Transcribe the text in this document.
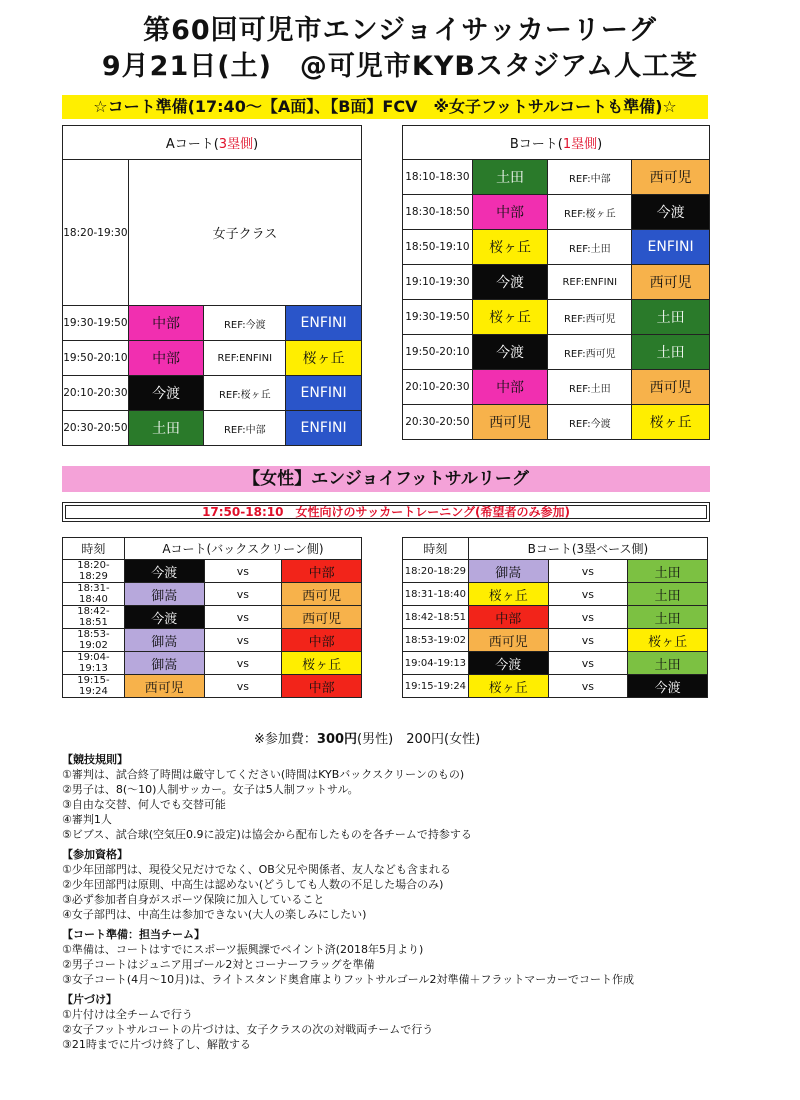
第60回可児市エンジョイサッカーリーグ
9月21日(土)　@可児市KYBスタジアム人工芝
☆コート準備(17:40～【A面】、【B面】FCV　※女子フットサルコートも準備)☆
Aコート(3塁側)			
18:20-19:30	女子クラス		
19:30-19:50	中部	REF:今渡	ENFINI
19:50-20:10	中部	REF:ENFINI	桜ヶ丘
20:10-20:30	今渡	REF:桜ヶ丘	ENFINI
20:30-20:50	土田	REF:中部	ENFINI
Bコート(1塁側)			
18:10-18:30	土田	REF:中部	西可児
18:30-18:50	中部	REF:桜ヶ丘	今渡
18:50-19:10	桜ヶ丘	REF:土田	ENFINI
19:10-19:30	今渡	REF:ENFINI	西可児
19:30-19:50	桜ヶ丘	REF:西可児	土田
19:50-20:10	今渡	REF:西可児	土田
20:10-20:30	中部	REF:土田	西可児
20:30-20:50	西可児	REF:今渡	桜ヶ丘
【女性】エンジョイフットサルリーグ
17:50-18:10　女性向けのサッカートレーニング(希望者のみ参加)
時刻	Aコート(バックスクリーン側)		
18:20-18:29	今渡	vs	中部
18:31-18:40	御嵩	vs	西可児
18:42-18:51	今渡	vs	西可児
18:53-19:02	御嵩	vs	中部
19:04-19:13	御嵩	vs	桜ヶ丘
19:15-19:24	西可児	vs	中部
時刻	Bコート(3塁ベース側)		
18:20-18:29	御嵩	vs	土田
18:31-18:40	桜ヶ丘	vs	土田
18:42-18:51	中部	vs	土田
18:53-19:02	西可児	vs	桜ヶ丘
19:04-19:13	今渡	vs	土田
19:15-19:24	桜ヶ丘	vs	今渡
※参加費：300円(男性)　200円(女性)
【競技規則】
①審判は、試合終了時間は厳守してください(時間はKYBバックスクリーンのもの)
②男子は、8(～10)人制サッカー。女子は5人制フットサル。
③自由な交替、何人でも交替可能
④審判1人
⑤ビブス、試合球(空気圧0.9に設定)は協会から配布したものを各チームで持参する
【参加資格】
①少年団部門は、現役父兄だけでなく、OB父兄や関係者、友人なども含まれる
②少年団部門は原則、中高生は認めない(どうしても人数の不足した場合のみ)
③必ず参加者自身がスポーツ保険に加入していること
④女子部門は、中高生は参加できない(大人の楽しみにしたい)
【コート準備：担当チーム】
①準備は、コートはすでにスポーツ振興課でペイント済(2018年5月より)
②男子コートはジュニア用ゴール2対とコーナーフラッグを準備
③女子コート(4月～10月)は、ライトスタンド奥倉庫よりフットサルゴール2対準備＋フラットマーカーでコート作成
【片づけ】
①片付けは全チームで行う
②女子フットサルコートの片づけは、女子クラスの次の対戦両チームで行う
③21時までに片づけ終了し、解散する
